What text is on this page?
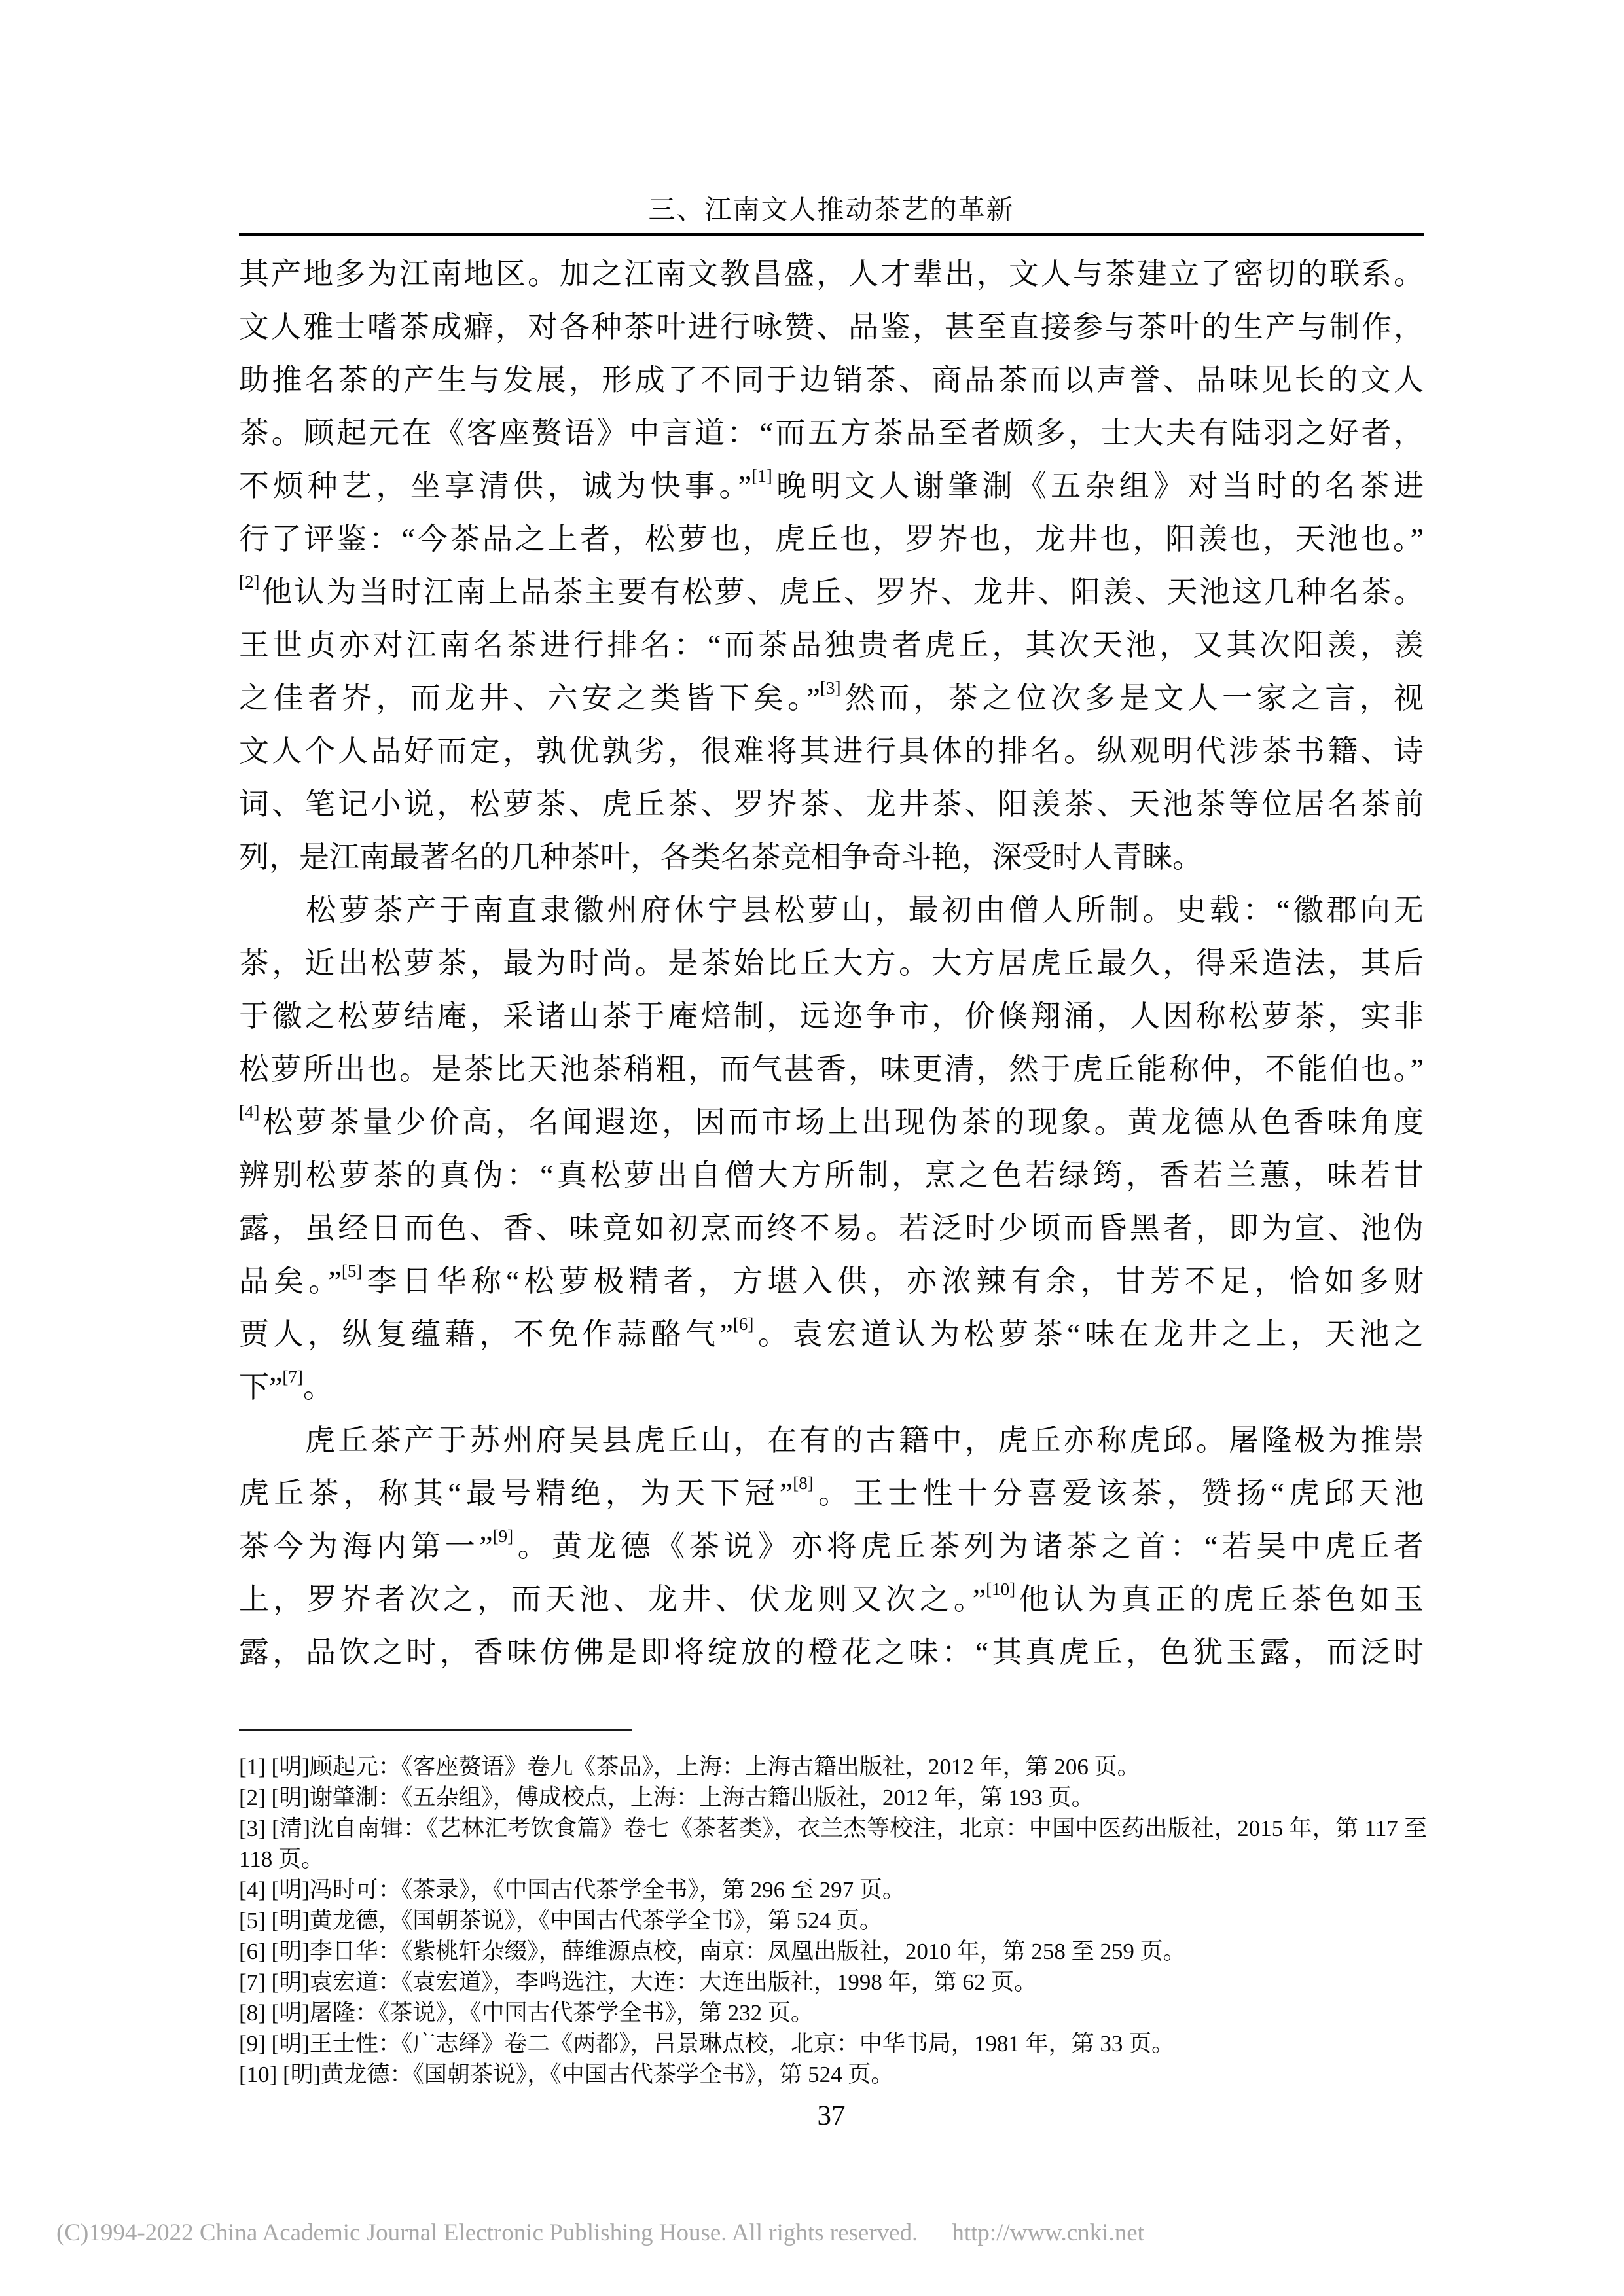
三、江南文人推动茶艺的革新
其产地多为江南地区。加之江南文教昌盛，人才辈出，文人与茶建立了密切的联系。
文人雅士嗜茶成癖，对各种茶叶进行咏赞、品鉴，甚至直接参与茶叶的生产与制作，
助推名茶的产生与发展，形成了不同于边销茶、商品茶而以声誉、品味见长的文人
茶。顾起元在《客座赘语》中言道：“而五方茶品至者颇多，士大夫有陆羽之好者，
不烦种艺，坐享清供，诚为快事。”[1]晚明文人谢肇淛《五杂组》对当时的名茶进
行了评鉴：“今茶品之上者，松萝也，虎丘也，罗岕也，龙井也，阳羡也，天池也。”
[2]他认为当时江南上品茶主要有松萝、虎丘、罗岕、龙井、阳羡、天池这几种名茶。
王世贞亦对江南名茶进行排名：“而茶品独贵者虎丘，其次天池，又其次阳羡，羡
之佳者岕，而龙井、六安之类皆下矣。”[3]然而，茶之位次多是文人一家之言，视
文人个人品好而定，孰优孰劣，很难将其进行具体的排名。纵观明代涉茶书籍、诗
词、笔记小说，松萝茶、虎丘茶、罗岕茶、龙井茶、阳羡茶、天池茶等位居名茶前
列，是江南最著名的几种茶叶，各类名茶竞相争奇斗艳，深受时人青睐。
　　松萝茶产于南直隶徽州府休宁县松萝山，最初由僧人所制。史载：“徽郡向无
茶，近出松萝茶，最为时尚。是茶始比丘大方。大方居虎丘最久，得采造法，其后
于徽之松萝结庵，采诸山茶于庵焙制，远迩争市，价倏翔涌，人因称松萝茶，实非
松萝所出也。是茶比天池茶稍粗，而气甚香，味更清，然于虎丘能称仲，不能伯也。”
[4]松萝茶量少价高，名闻遐迩，因而市场上出现伪茶的现象。黄龙德从色香味角度
辨别松萝茶的真伪：“真松萝出自僧大方所制，烹之色若绿筠，香若兰蕙，味若甘
露，虽经日而色、香、味竟如初烹而终不易。若泛时少顷而昏黑者，即为宣、池伪
品矣。”[5]李日华称“松萝极精者，方堪入供，亦浓辣有余，甘芳不足，恰如多财
贾人，纵复蕴藉，不免作蒜酪气”[6]。袁宏道认为松萝茶“味在龙井之上，天池之
下”[7]。
　　虎丘茶产于苏州府吴县虎丘山，在有的古籍中，虎丘亦称虎邱。屠隆极为推崇
虎丘茶，称其“最号精绝，为天下冠”[8]。王士性十分喜爱该茶，赞扬“虎邱天池
茶今为海内第一”[9]。黄龙德《茶说》亦将虎丘茶列为诸茶之首：“若吴中虎丘者
上，罗岕者次之，而天池、龙井、伏龙则又次之。”[10]他认为真正的虎丘茶色如玉
露，品饮之时，香味仿佛是即将绽放的橙花之味：“其真虎丘，色犹玉露，而泛时
[1] [明]顾起元：《客座赘语》卷九《茶品》，上海：上海古籍出版社，2012 年，第 206 页。
[2] [明]谢肇淛：《五杂组》，傅成校点，上海：上海古籍出版社，2012 年，第 193 页。
[3] [清]沈自南辑：《艺林汇考饮食篇》卷七《茶茗类》，衣兰杰等校注，北京：中国中医药出版社，2015 年，第 117 至 118 页。
[4] [明]冯时可：《茶录》，《中国古代茶学全书》，第 296 至 297 页。
[5] [明]黄龙德，《国朝茶说》，《中国古代茶学全书》，第 524 页。
[6] [明]李日华：《紫桃轩杂缀》，薛维源点校，南京：凤凰出版社，2010 年，第 258 至 259 页。
[7] [明]袁宏道：《袁宏道》，李鸣选注，大连：大连出版社，1998 年，第 62 页。
[8] [明]屠隆：《茶说》，《中国古代茶学全书》，第 232 页。
[9] [明]王士性：《广志绎》卷二《两都》，吕景琳点校，北京：中华书局，1981 年，第 33 页。
[10] [明]黄龙德：《国朝茶说》，《中国古代茶学全书》，第 524 页。
37
(C)1994-2022 China Academic Journal Electronic Publishing House. All rights reserved. http://www.cnki.net
